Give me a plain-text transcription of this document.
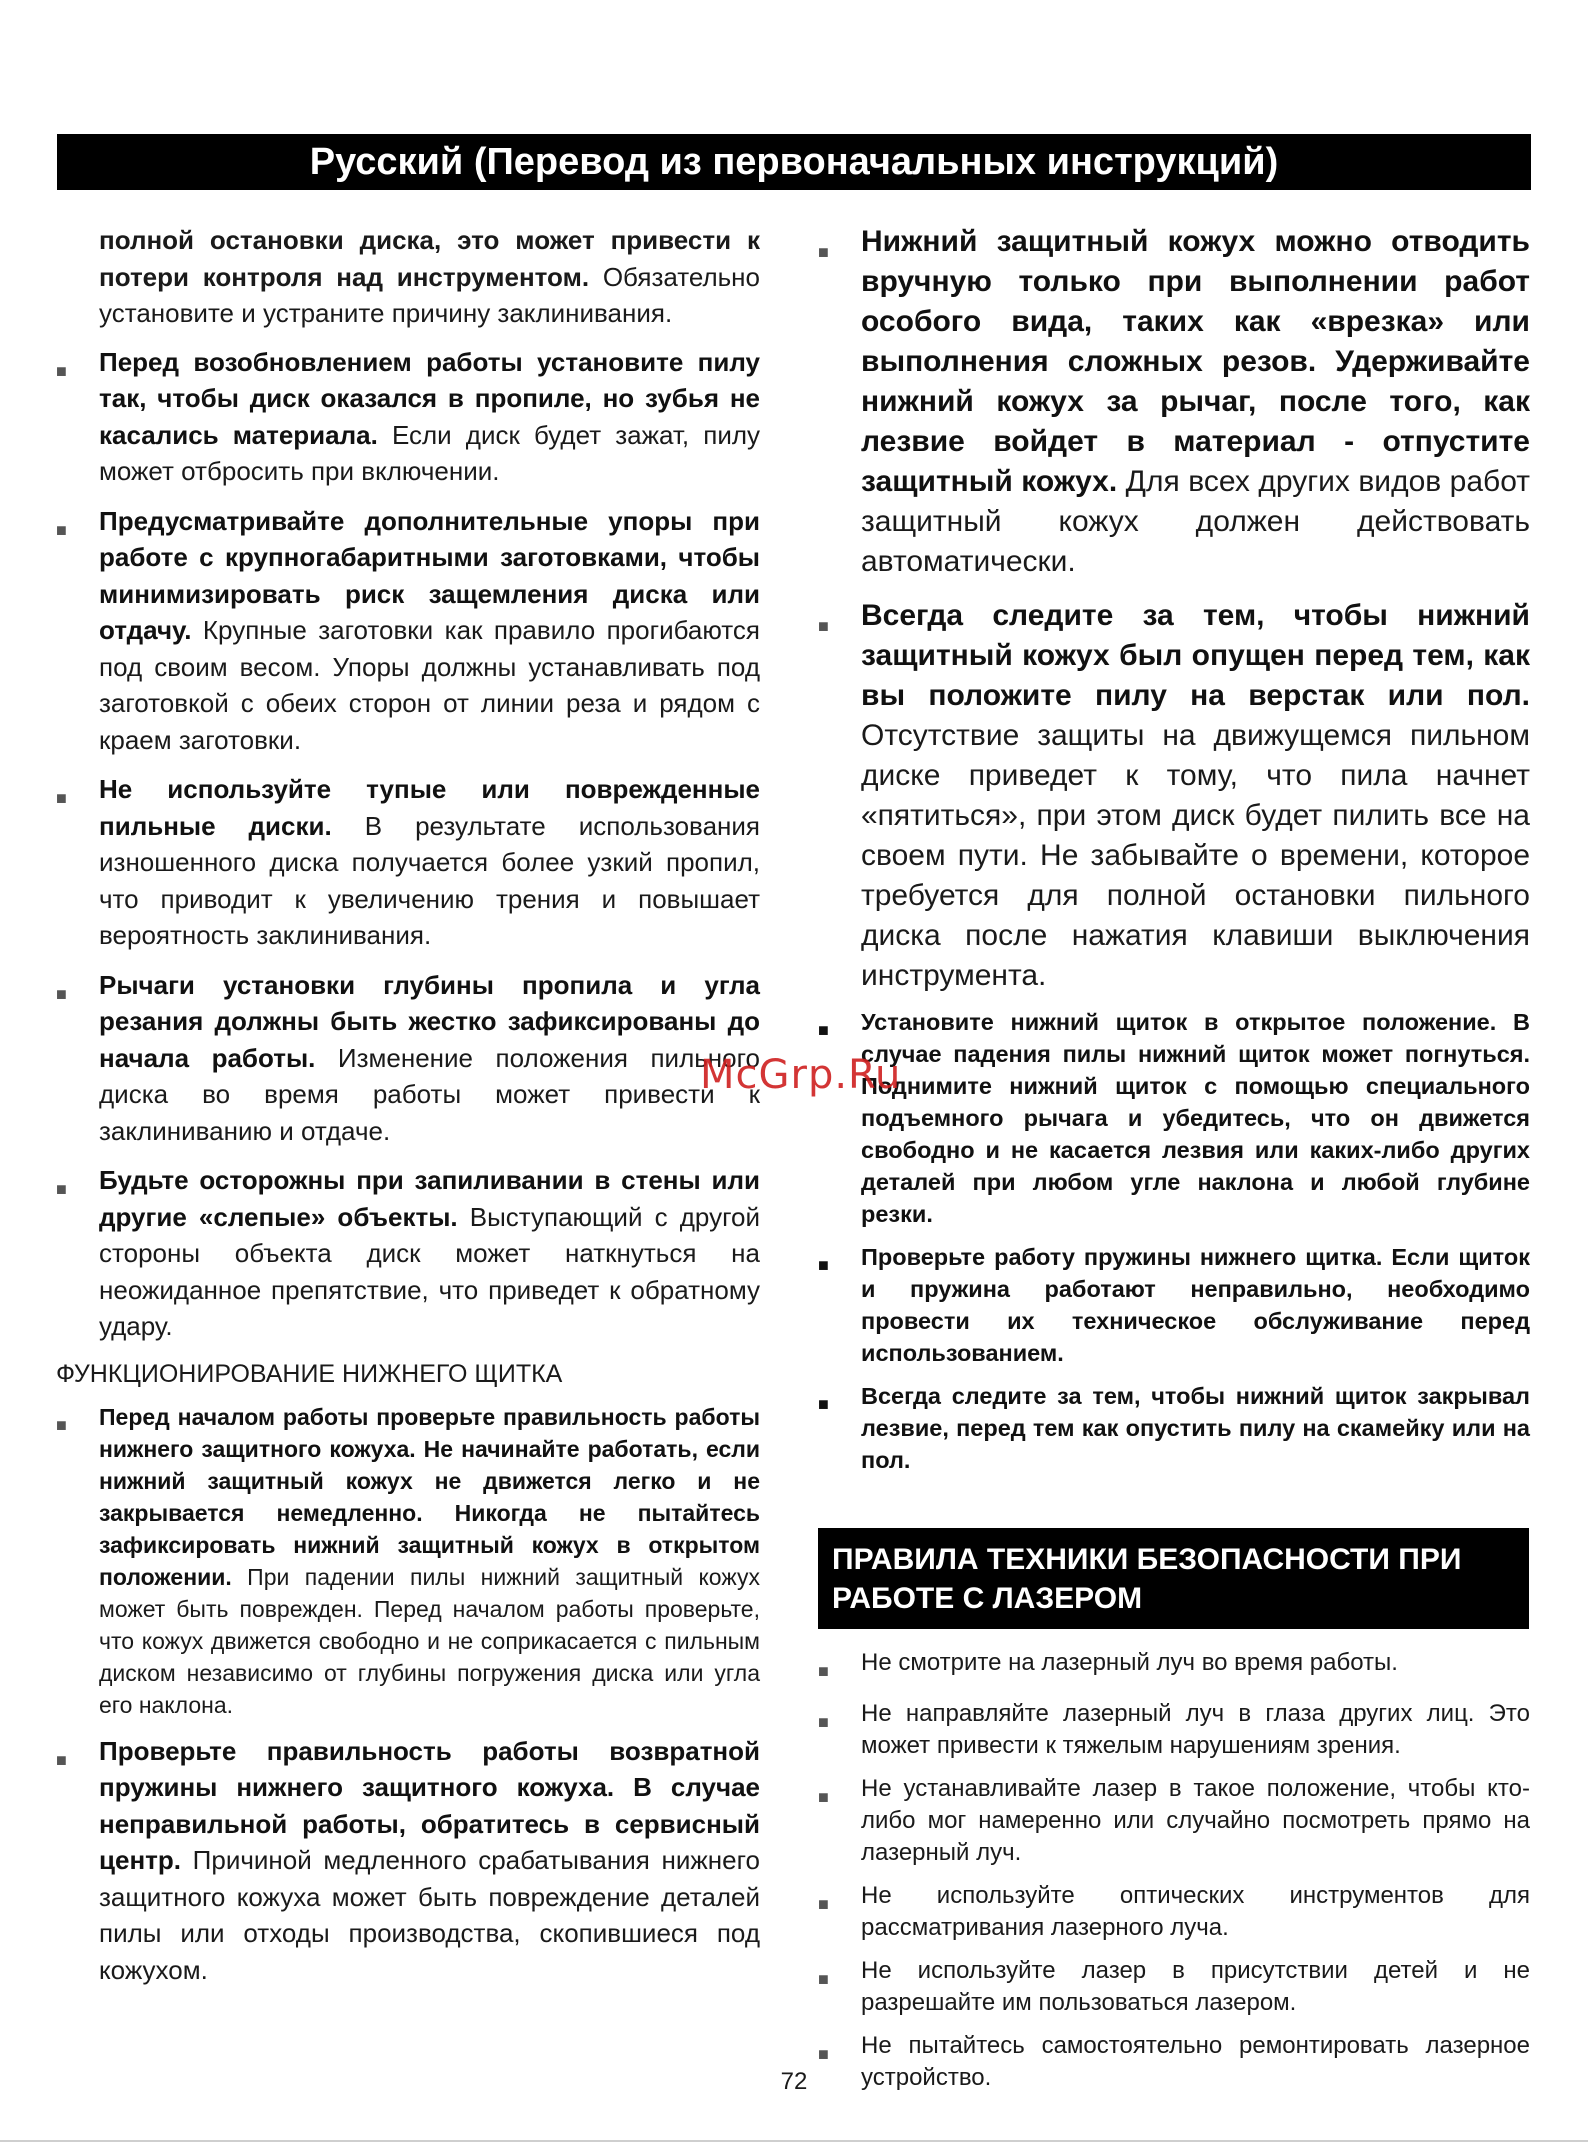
Русский (Перевод из первоначальных инструкций)
полной остановки диска, это может привести к потери контроля над инструментом. Обязательно установите и устраните причину заклинивания.
■	Перед возобновлением работы установите пилу так, чтобы диск оказался в пропиле, но зубья не касались материала. Если диск будет зажат, пилу может отбросить при включении.
■	Предусматривайте дополнительные упоры при работе с крупногабаритными заготовками, чтобы минимизировать риск защемления диска или отдачу. Крупные заготовки как правило прогибаются под своим весом. Упоры должны устанавливать под заготовкой с обеих сторон от линии реза и рядом с краем заготовки.
■	Не используйте тупые или поврежденные пильные диски. В результате использования изношенного диска получается более узкий пропил, что приводит к увеличению трения и повышает вероятность заклинивания.
■	Рычаги установки глубины пропила и угла резания должны быть жестко зафиксированы до начала работы. Изменение положения пильного диска во время работы может привести к заклиниванию и отдаче.
■	Будьте осторожны при запиливании в стены или другие «слепые» объекты. Выступающий с другой стороны объекта диск может наткнуться на неожиданное препятствие, что приведет к обратному удару.
ФУНКЦИОНИРОВАНИЕ НИЖНЕГО ЩИТКА
■	Перед началом работы проверьте правильность работы нижнего защитного кожуха. Не начинайте работать, если нижний защитный кожух не движется легко и не закрывается немедленно. Никогда не пытайтесь зафиксировать нижний защитный кожух в открытом положении. При падении пилы нижний защитный кожух может быть поврежден. Перед началом работы проверьте, что кожух движется свободно и не соприкасается с пильным диском независимо от глубины погружения диска или угла его наклона.
■	Проверьте правильность работы возвратной пружины нижнего защитного кожуха. В случае неправильной работы, обратитесь в сервисный центр. Причиной медленного срабатывания нижнего защитного кожуха может быть повреждение деталей пилы или отходы производства, скопившиеся под кожухом.
■	Нижний защитный кожух можно отводить вручную только при выполнении работ особого вида, таких как «врезка» или выполнения сложных резов. Удерживайте нижний кожух за рычаг, после того, как лезвие войдет в материал - отпустите защитный кожух. Для всех других видов работ защитный кожух должен действовать автоматически.
■	Всегда следите за тем, чтобы нижний защитный кожух был опущен перед тем, как вы положите пилу на верстак или пол. Отсутствие защиты на движущемся пильном диске приведет к тому, что пила начнет «пятиться», при этом диск будет пилить все на своем пути. Не забывайте о времени, которое требуется для полной остановки пильного диска после нажатия клавиши выключения инструмента.
■	Установите нижний щиток в открытое положение. В случае падения пилы нижний щиток может погнуться. Поднимите нижний щиток с помощью специального подъемного рычага и убедитесь, что он движется свободно и не касается лезвия или каких-либо других деталей при любом угле наклона и любой глубине резки.
■	Проверьте работу пружины нижнего щитка. Если щиток и пружина работают неправильно, необходимо провести их техническое обслуживание перед использованием.
■	Всегда следите за тем, чтобы нижний щиток закрывал лезвие, перед тем как опустить пилу на скамейку или на пол.
ПРАВИЛА ТЕХНИКИ БЕЗОПАСНОСТИ ПРИ РАБОТЕ С ЛАЗЕРОМ
■	Не смотрите на лазерный луч во время работы.
■	Не направляйте лазерный луч в глаза других лиц. Это может привести к тяжелым нарушениям зрения.
■	Не устанавливайте лазер в такое положение, чтобы кто-либо мог намеренно или случайно посмотреть прямо на лазерный луч.
■	Не используйте оптических инструментов для рассматривания лазерного луча.
■	Не используйте лазер в присутствии детей и не разрешайте им пользоваться лазером.
■	Не пытайтесь самостоятельно ремонтировать лазерное устройство.
McGrp.Ru
72
